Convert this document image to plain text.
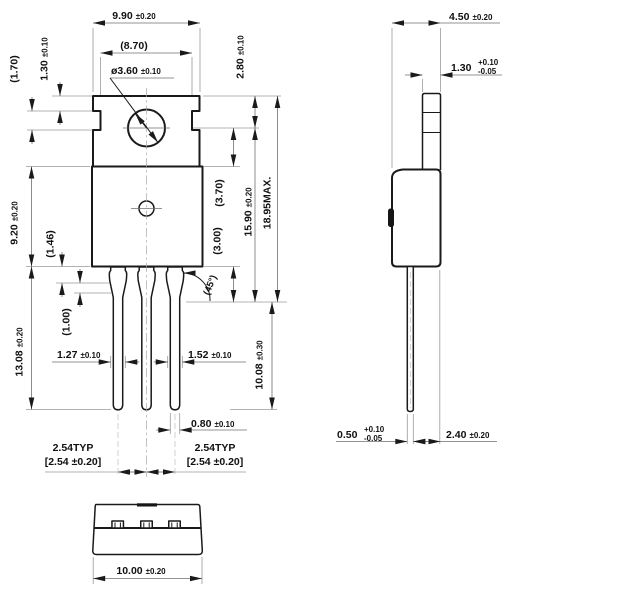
9.90 ±0.20
(8.70)
ø3.60 ±0.10
1.30±0.10
(1.70)
9.20±0.20
(1.46)
(1.00)
13.08±0.20
2.80±0.10
(3.70)
15.90±0.20 18.95MAX.
(3.00)
(45°)
10.08±0.30
1.27 ±0.10	1.52 ±0.10
0.80 ±0.10
2.54TYP
[2.54 ±0.20]
2.54TYP
[2.54 ±0.20]
4.50 ±0.20
1.30 +0.10 -0.05
0.50 +0.10 -0.05	2.40 ±0.20
10.00 ±0.20
